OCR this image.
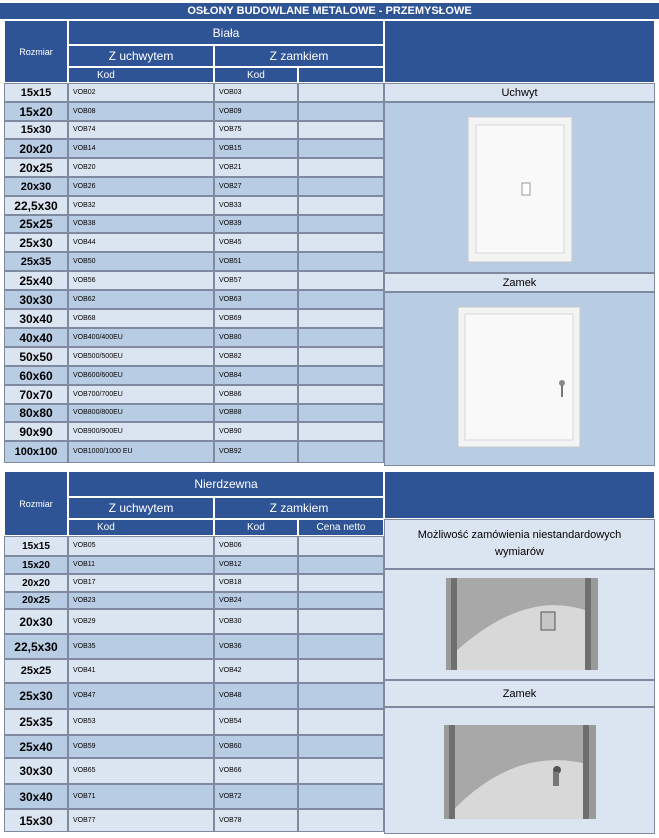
OSŁONY BUDOWLANE METALOWE - PRZEMYSŁOWE
Rozmiar
Biała
Z uchwytem	Z zamkiem
Kod	Kod
15x15	VOB02	VOB03
15x20	VOB08	VOB09
15x30	VOB74	VOB75
20x20	VOB14	VOB15
20x25	VOB20	VOB21
20x30	VOB26	VOB27
22,5x30	VOB32	VOB33
25x25	VOB38	VOB39
25x30	VOB44	VOB45
25x35	VOB50	VOB51
25x40	VOB56	VOB57
30x30	VOB62	VOB63
30x40	VOB68	VOB69
40x40	VOB400/400EU	VOB80
50x50	VOB500/500EU	VOB82
60x60	VOB600/600EU	VOB84
70x70	VOB700/700EU	VOB86
80x80	VOB800/800EU	VOB88
90x90	VOB900/900EU	VOB90
100x100	VOB1000/1000 EU	VOB92
Uchwyt
Zamek
Rozmiar
Nierdzewna
Z uchwytem	Z zamkiem
Kod	Kod	Cena netto
15x15	VOB05	VOB06
15x20	VOB11	VOB12
20x20	VOB17	VOB18
20x25	VOB23	VOB24
20x30	VOB29	VOB30
22,5x30	VOB35	VOB36
25x25	VOB41	VOB42
25x30	VOB47	VOB48
25x35	VOB53	VOB54
25x40	VOB59	VOB60
30x30	VOB65	VOB66
30x40	VOB71	VOB72
15x30	VOB77	VOB78
Możliwość zamówienia niestandardowych wymiarów
Zamek
